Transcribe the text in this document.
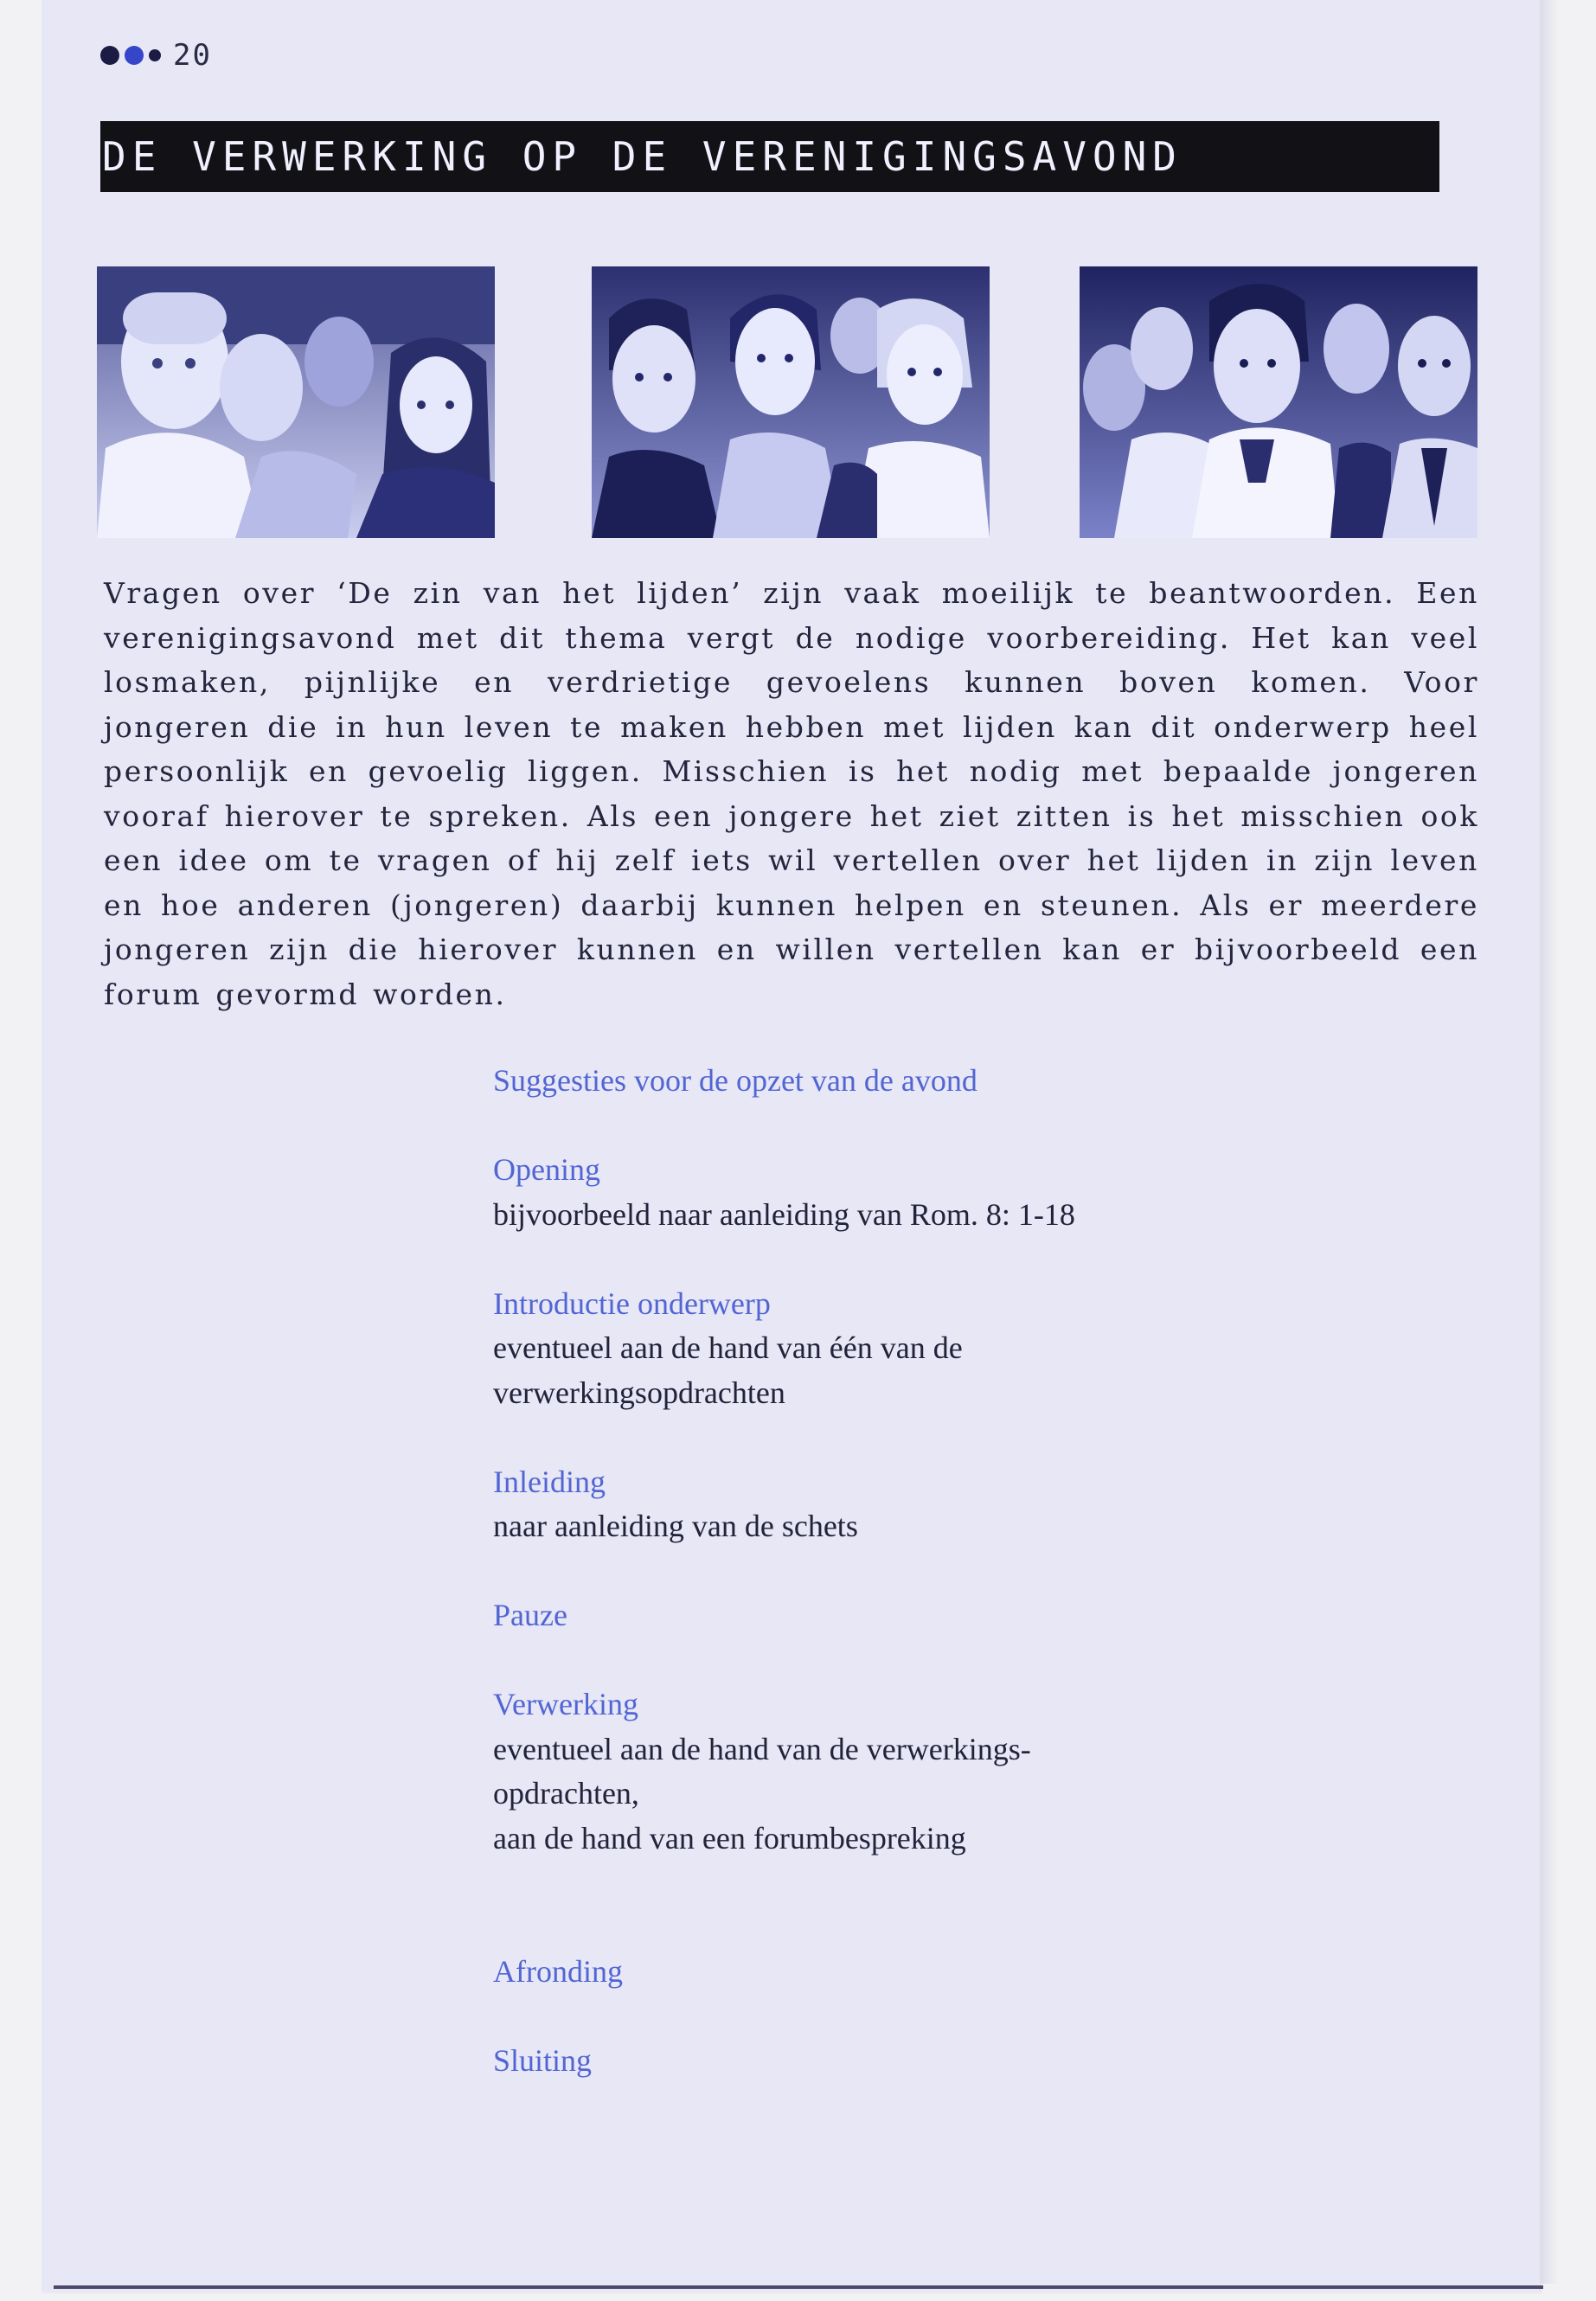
20
DE VERWERKING OP DE VERENIGINGSAVOND

Vragen over ‘De zin van het lijden’ zijn vaak moeilijk te beantwoorden. Een verenigingsavond met dit thema vergt de nodige voorbereiding. Het kan veel losmaken, pijnlijke en verdrietige gevoelens kunnen boven komen. Voor jongeren die in hun leven te maken hebben met lijden kan dit onderwerp heel persoonlijk en gevoelig liggen. Misschien is het nodig met bepaalde jongeren vooraf hierover te spreken. Als een jongere het ziet zitten is het misschien ook een idee om te vragen of hij zelf iets wil vertellen over het lijden in zijn leven en hoe anderen (jongeren) daarbij kunnen helpen en steunen. Als er meerdere jongeren zijn die hierover kunnen en willen vertellen kan er bijvoorbeeld een forum gevormd worden.

Suggesties voor de opzet van de avond
Opening
bijvoorbeeld naar aanleiding van Rom. 8: 1-18
Introductie onderwerp
eventueel aan de hand van één van de
verwerkingsopdrachten
Inleiding
naar aanleiding van de schets
Pauze
Verwerking
eventueel aan de hand van de verwerkings-
opdrachten,
aan de hand van een forumbespreking
Afronding
Sluiting
